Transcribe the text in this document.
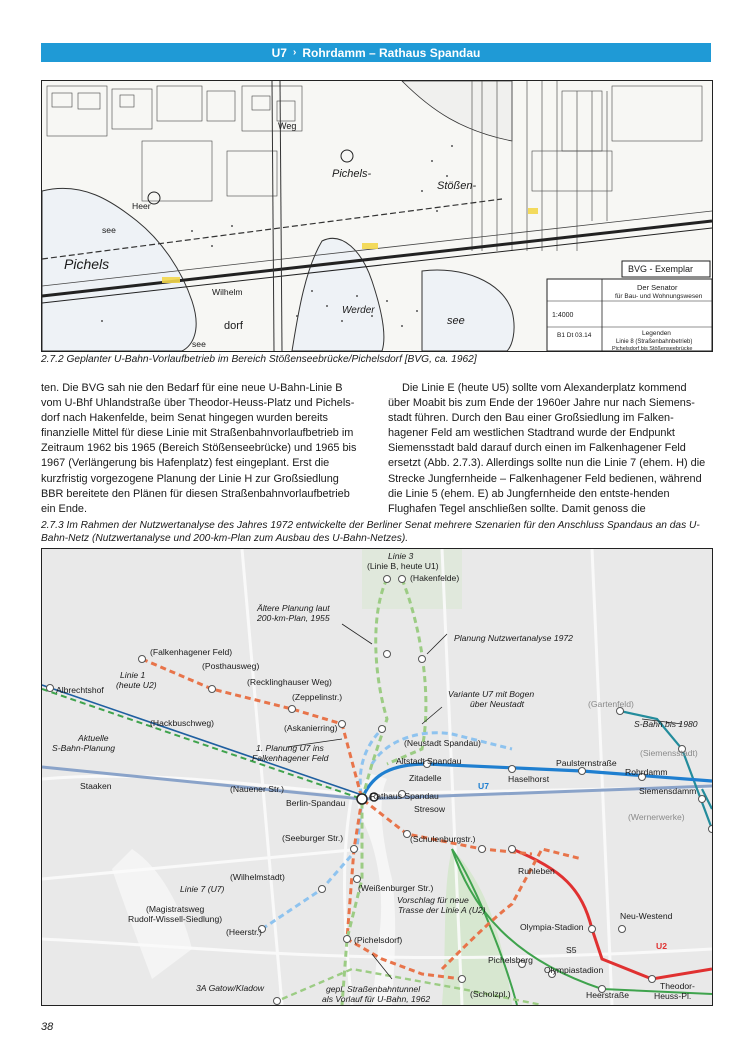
U7 › Rohrdamm – Rathaus Spandau
Pichels-
Stößen-
Pichels
Heer
see
dorf
Wilhelm
see
Werder
see
Weg
BVG - Exemplar
Der Senator
für Bau- und Wohnungswesen
Legenden
Linie 8 (Straßenbahnbetrieb)
Pichelsdorf bis Stößenseebrücke
1:4000
B1 Dt 03.14
2.7.2 Geplanter U-Bahn-Vorlaufbetrieb im Bereich Stößenseebrücke/Pichelsdorf [BVG, ca. 1962]

ten. Die BVG sah nie den Bedarf für eine neue U-Bahn-Linie B vom U-Bhf Uhlandstraße über Theodor-Heuss-Platz und Pichels-dorf nach Hakenfelde, beim Senat hingegen wurden bereits finanzielle Mittel für diese Linie mit Straßenbahnvorlaufbetrieb im Zeitraum 1962 bis 1965 (Bereich Stößenseebrücke) und 1965 bis 1967 (Verlängerung bis Hafenplatz) fest eingeplant. Erst die kurzfristig vorgezogene Planung der Linie H zur Großsiedlung BBR bereitete den Plänen für diesen Straßenbahnvorlaufbetrieb ein Ende.

Die Linie E (heute U5) sollte vom Alexanderplatz kommend über Moabit bis zum Ende der 1960er Jahre nur nach Siemens-stadt führen. Durch den Bau einer Großsiedlung im Falken-hagener Feld am westlichen Stadtrand wurde der Endpunkt Siemensstadt bald darauf durch einen im Falkenhagener Feld ersetzt (Abb. 2.7.3). Allerdings sollte nun die Linie 7 (ehem. H) die Strecke Jungfernheide – Falkenhagener Feld bedienen, während die Linie 5 (ehem. E) ab Jungfernheide den entste-henden Flughafen Tegel anschließen sollte. Damit genoss die

2.7.3 Im Rahmen der Nutzwertanalyse des Jahres 1972 entwickelte der Berliner Senat mehrere Szenarien für den Anschluss Spandaus an das U-Bahn-Netz (Nutzwertanalyse und 200-km-Plan zum Ausbau des U-Bahn-Netzes).
Linie 3
(Linie B, heute U1)
(Hakenfelde)
Ältere Planung laut
200-km-Plan, 1955
Planung Nutzwertanalyse 1972
(Falkenhagener Feld)
Linie 1
(heute U2)
(Posthausweg)
Albrechtshof
(Recklinghauser Weg)
(Zeppelinstr.)	Variante U7 mit Bogen
über Neustadt	(Gartenfeld)
S-Bahn bis 1980
(Hackbuschweg)	(Askanierring)
Aktuelle
S-Bahn-Planung	1. Planung U7 ins
Falkenhagener Feld
(Neustadt Spandau)
(Siemensstadt)
Altstadt Spandau	Paulsternstraße
Zitadelle	Haselhorst
Rohrdamm
U7
Staaken	Siemensdamm
(Nauener Str.)
Rathaus Spandau
Berlin-Spandau
Stresow
(Wernerwerke)
(Seeburger Str.)	(Schulenburgstr.)
(Wilhelmstadt)
Ruhleben
(Weißenburger Str.)
Linie 7 (U7)
Vorschlag für neue
Trasse der Linie A (U2)
(Magistratsweg
Rudolf-Wissell-Siedlung)
Olympia-Stadion
Neu-Westend
(Heerstr.)
U2
(Pichelsdorf)
S5
Pichelsberg
Olympiastadion
3A Gatow/Kladow
Heerstraße
Theodor-
Heuss-Pl.
gepl. Straßenbahntunnel
als Vorlauf für U-Bahn, 1962	(Scholzpl.)
38
